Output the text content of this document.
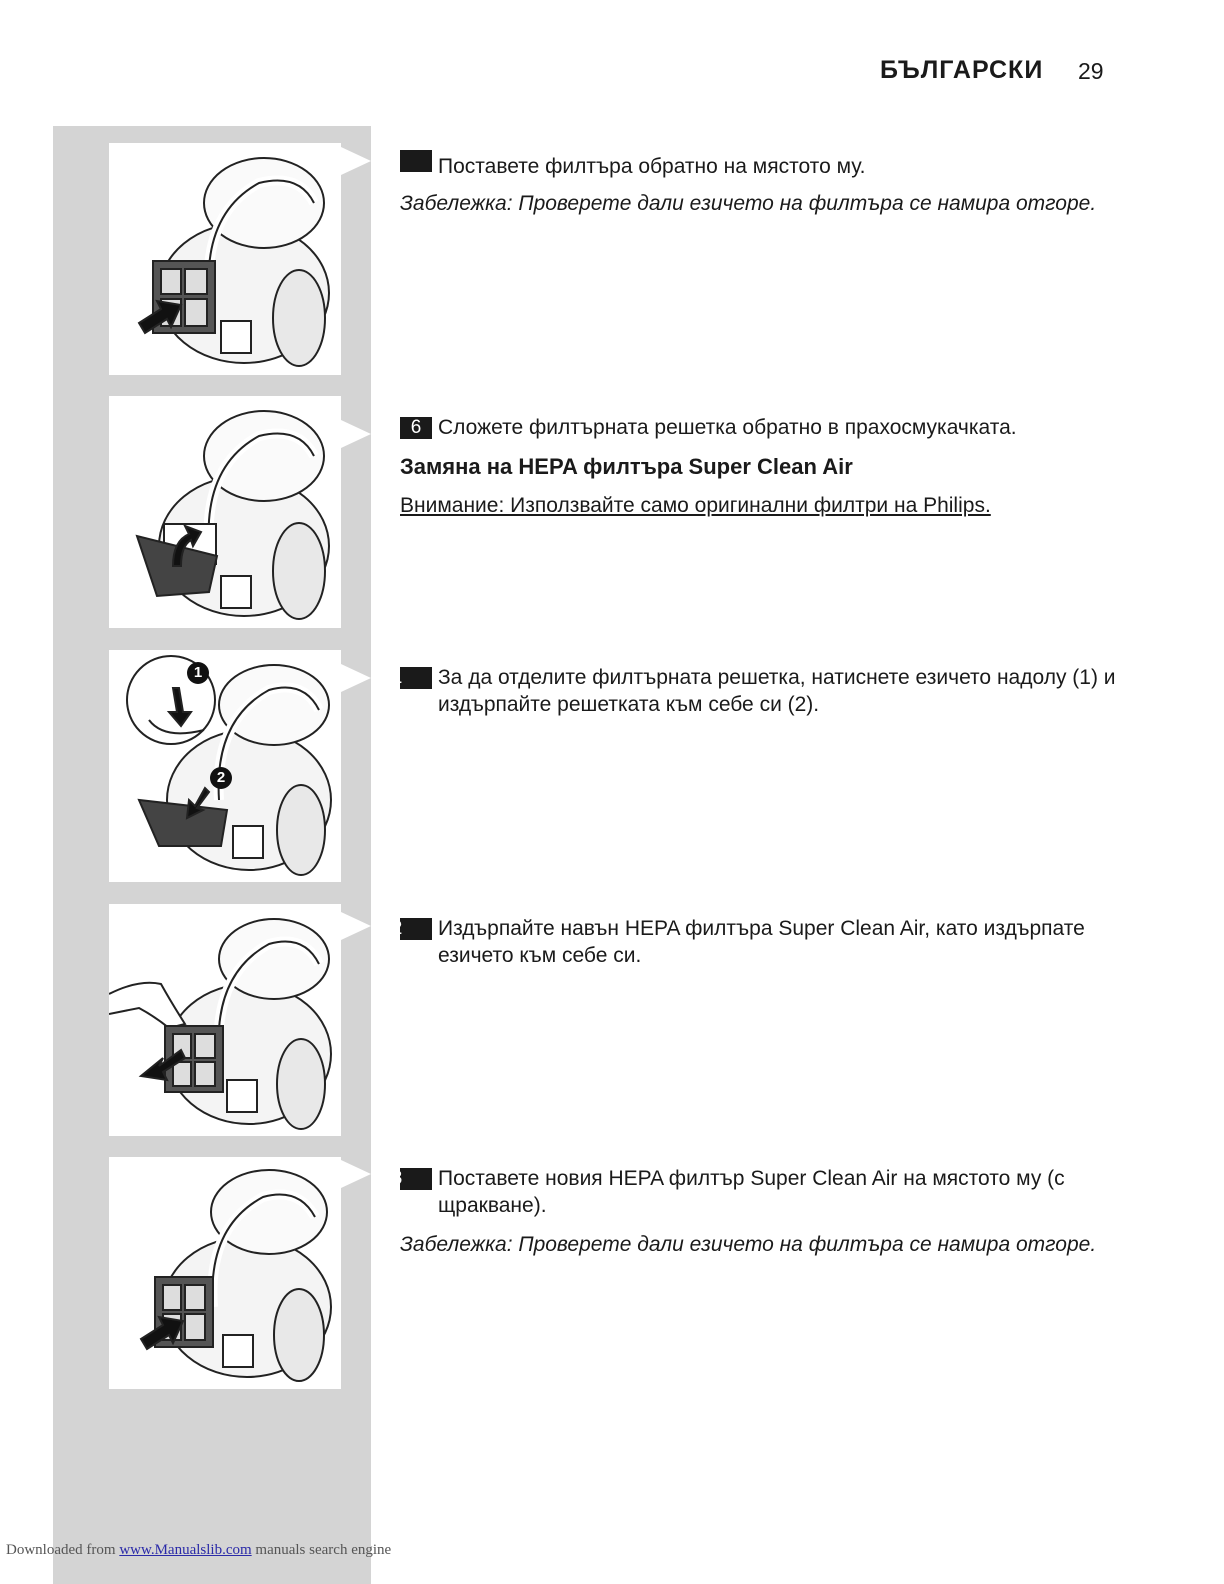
БЪЛГАРСКИ 29
1
2
Поставете филтъра обратно на мястото му.
Забележка: Проверете дали езичето на филтъра се намира отгоре.
6 Сложете филтърната решетка обратно в прахосмукачката.
Замяна на HEPA филтъра Super Clean Air
Внимание: Използвайте само оригинални филтри на Philips.
1 За да отделите филтърната решетка, натиснете езичето надолу (1) и издърпайте решетката към себе си (2).
2 Издърпайте навън HEPA филтъра Super Clean Air, като издърпате езичето към себе си.
3 Поставете новия HEPA филтър Super Clean Air на мястото му (с щракване).
Забележка: Проверете дали езичето на филтъра се намира отгоре.
Downloaded from www.Manualslib.com manuals search engine
